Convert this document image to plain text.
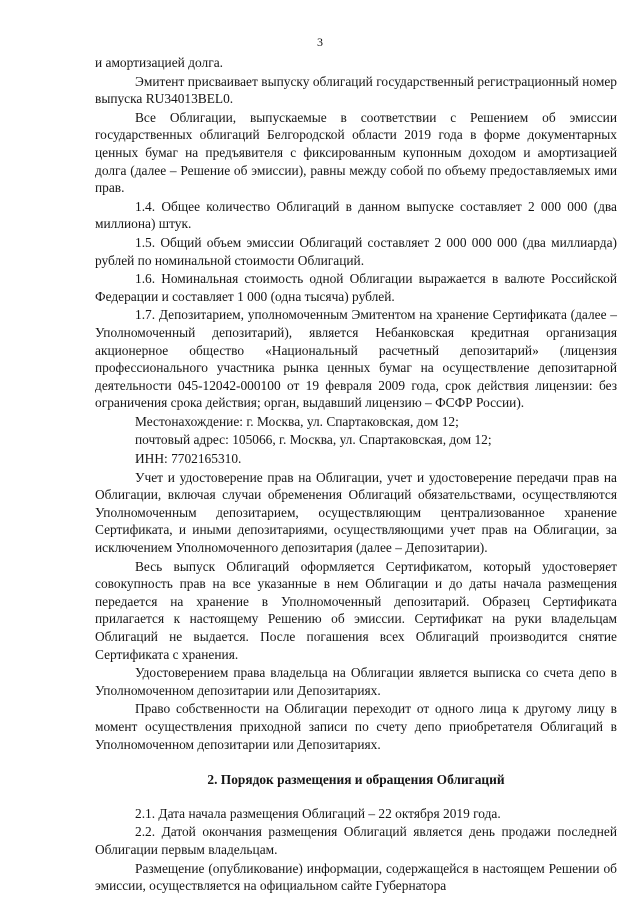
3
и амортизацией долга.
Эмитент присваивает выпуску облигаций государственный регистрационный номер выпуска RU34013BEL0.
Все Облигации, выпускаемые в соответствии с Решением об эмиссии государственных облигаций Белгородской области 2019 года в форме документарных ценных бумаг на предъявителя с фиксированным купонным доходом и амортизацией долга (далее – Решение об эмиссии), равны между собой по объему предоставляемых ими прав.
1.4. Общее количество Облигаций в данном выпуске составляет 2 000 000 (два миллиона) штук.
1.5. Общий объем эмиссии Облигаций составляет 2 000 000 000 (два миллиарда) рублей по номинальной стоимости Облигаций.
1.6. Номинальная стоимость одной Облигации выражается в валюте Российской Федерации и составляет 1 000 (одна тысяча) рублей.
1.7. Депозитарием, уполномоченным Эмитентом на хранение Сертификата (далее – Уполномоченный депозитарий), является Небанковская кредитная организация акционерное общество «Национальный расчетный депозитарий» (лицензия профессионального участника рынка ценных бумаг на осуществление депозитарной деятельности 045-12042-000100 от 19 февраля 2009 года, срок действия лицензии: без ограничения срока действия; орган, выдавший лицензию – ФСФР России).
Местонахождение: г. Москва, ул. Спартаковская, дом 12;
почтовый адрес: 105066, г. Москва, ул. Спартаковская, дом 12;
ИНН: 7702165310.
Учет и удостоверение прав на Облигации, учет и удостоверение передачи прав на Облигации, включая случаи обременения Облигаций обязательствами, осуществляются Уполномоченным депозитарием, осуществляющим централизованное хранение Сертификата, и иными депозитариями, осуществляющими учет прав на Облигации, за исключением Уполномоченного депозитария (далее – Депозитарии).
Весь выпуск Облигаций оформляется Сертификатом, который удостоверяет совокупность прав на все указанные в нем Облигации и до даты начала размещения передается на хранение в Уполномоченный депозитарий. Образец Сертификата прилагается к настоящему Решению об эмиссии. Сертификат на руки владельцам Облигаций не выдается. После погашения всех Облигаций производится снятие Сертификата с хранения.
Удостоверением права владельца на Облигации является выписка со счета депо в Уполномоченном депозитарии или Депозитариях.
Право собственности на Облигации переходит от одного лица к другому лицу в момент осуществления приходной записи по счету депо приобретателя Облигаций в Уполномоченном депозитарии или Депозитариях.
2. Порядок размещения и обращения Облигаций
2.1. Дата начала размещения Облигаций – 22 октября 2019 года.
2.2. Датой окончания размещения Облигаций является день продажи последней Облигации первым владельцам.
Размещение (опубликование) информации, содержащейся в настоящем Решении об эмиссии, осуществляется на официальном сайте Губернатора
